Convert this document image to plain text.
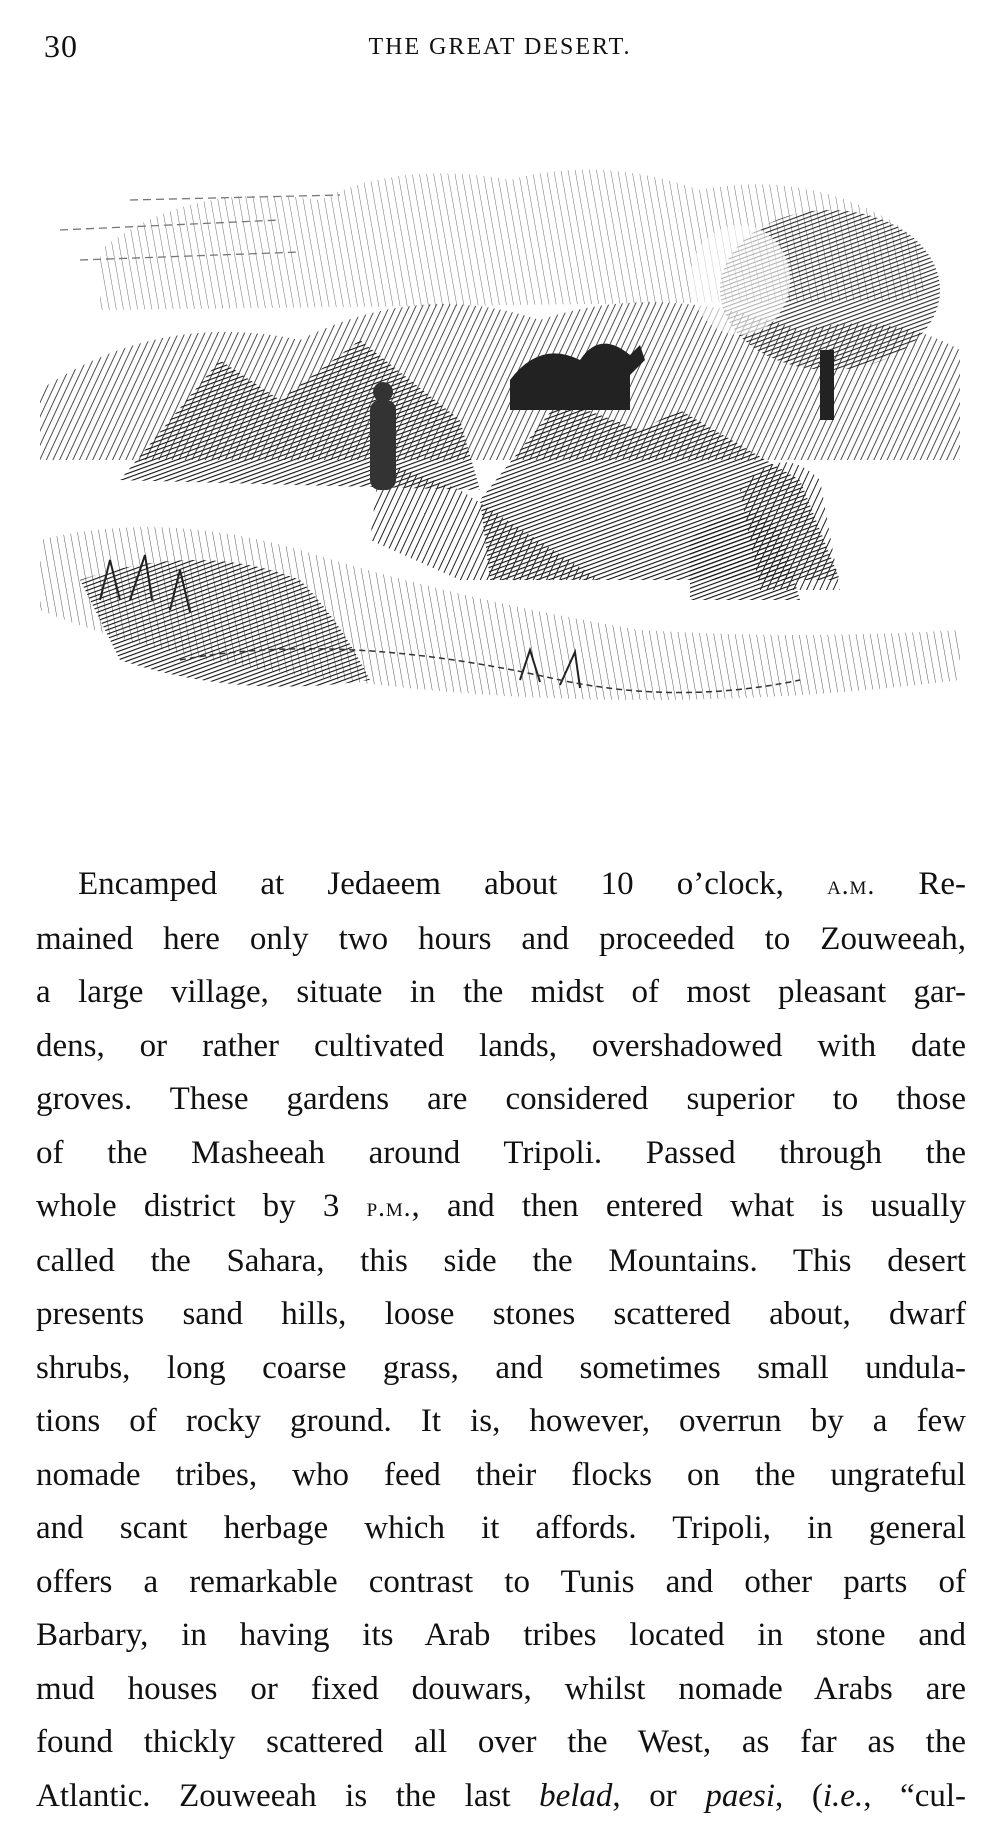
30	THE GREAT DESERT.
Encamped at Jedaeem about 10 o’clock, a.m. Re-
mained here only two hours and proceeded to Zouweeah,
a large village, situate in the midst of most pleasant gar-
dens, or rather cultivated lands, overshadowed with date
groves. These gardens are considered superior to those
of the Masheeah around Tripoli. Passed through the
whole district by 3 p.m., and then entered what is usually
called the Sahara, this side the Mountains. This desert
presents sand hills, loose stones scattered about, dwarf
shrubs, long coarse grass, and sometimes small undula-
tions of rocky ground. It is, however, overrun by a few
nomade tribes, who feed their flocks on the ungrateful
and scant herbage which it affords. Tripoli, in general
offers a remarkable contrast to Tunis and other parts of
Barbary, in having its Arab tribes located in stone and
mud houses or fixed douwars, whilst nomade Arabs are
found thickly scattered all over the West, as far as the
Atlantic. Zouweeah is the last belad, or paesi, (i.e., “cul-
